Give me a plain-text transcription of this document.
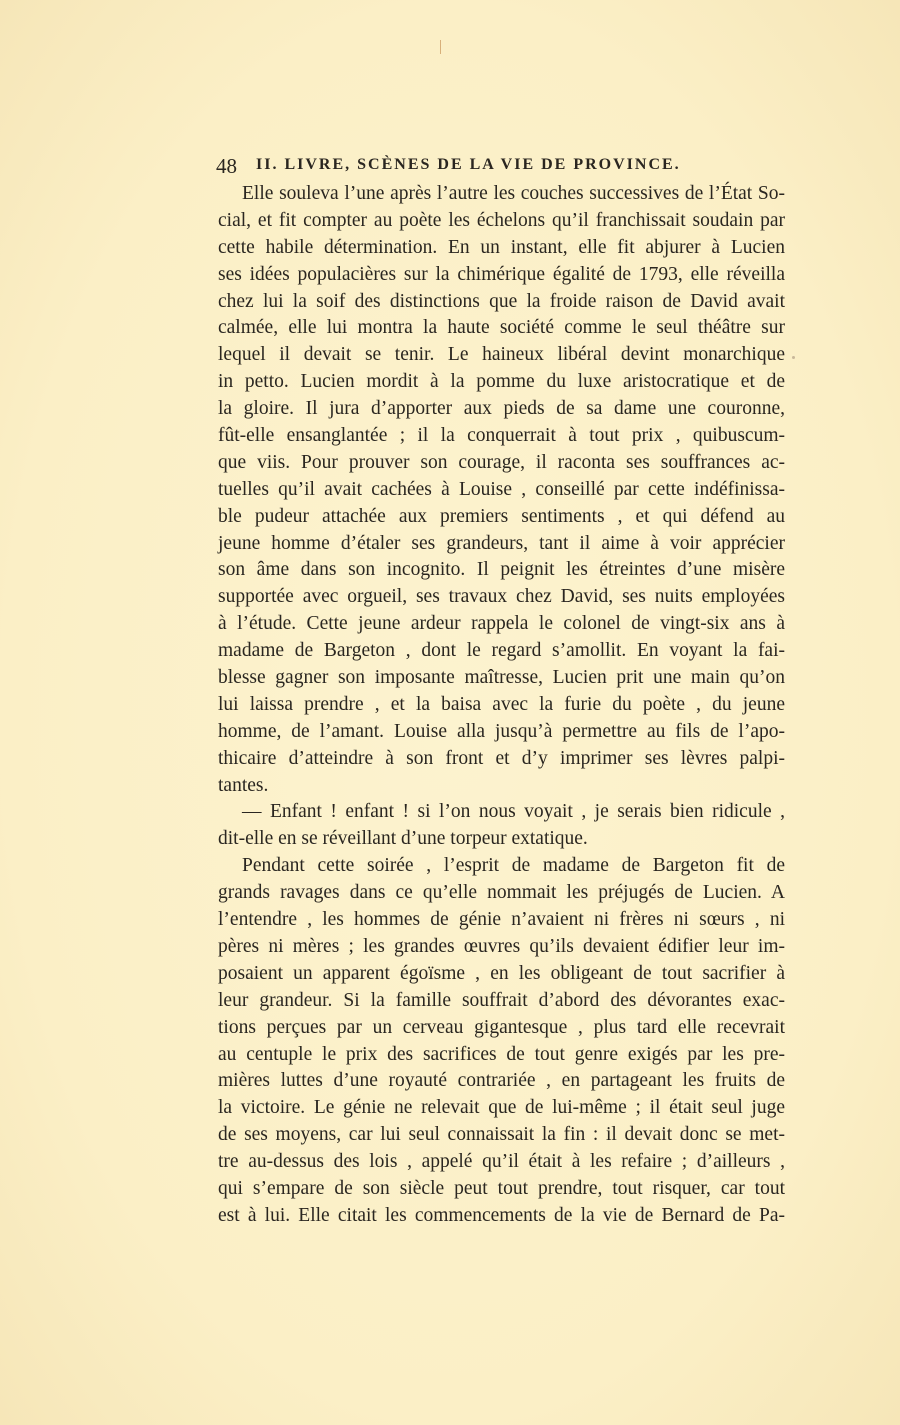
48 II. LIVRE, SCÈNES DE LA VIE DE PROVINCE.
Elle souleva l’une après l’autre les couches successives de l’État So-
cial, et fit compter au poète les échelons qu’il franchissait soudain par
cette habile détermination. En un instant, elle fit abjurer à Lucien
ses idées populacières sur la chimérique égalité de 1793, elle réveilla
chez lui la soif des distinctions que la froide raison de David avait
calmée, elle lui montra la haute société comme le seul théâtre sur
lequel il devait se tenir. Le haineux libéral devint monarchique
in petto. Lucien mordit à la pomme du luxe aristocratique et de
la gloire. Il jura d’apporter aux pieds de sa dame une couronne,
fût-elle ensanglantée ; il la conquerrait à tout prix , quibuscum-
que viis. Pour prouver son courage, il raconta ses souffrances ac-
tuelles qu’il avait cachées à Louise , conseillé par cette indéfinissa-
ble pudeur attachée aux premiers sentiments , et qui défend au
jeune homme d’étaler ses grandeurs, tant il aime à voir apprécier
son âme dans son incognito. Il peignit les étreintes d’une misère
supportée avec orgueil, ses travaux chez David, ses nuits employées
à l’étude. Cette jeune ardeur rappela le colonel de vingt-six ans à
madame de Bargeton , dont le regard s’amollit. En voyant la fai-
blesse gagner son imposante maîtresse, Lucien prit une main qu’on
lui laissa prendre , et la baisa avec la furie du poète , du jeune
homme, de l’amant. Louise alla jusqu’à permettre au fils de l’apo-
thicaire d’atteindre à son front et d’y imprimer ses lèvres palpi-
tantes.
— Enfant ! enfant ! si l’on nous voyait , je serais bien ridicule ,
dit-elle en se réveillant d’une torpeur extatique.
Pendant cette soirée , l’esprit de madame de Bargeton fit de
grands ravages dans ce qu’elle nommait les préjugés de Lucien. A
l’entendre , les hommes de génie n’avaient ni frères ni sœurs , ni
pères ni mères ; les grandes œuvres qu’ils devaient édifier leur im-
posaient un apparent égoïsme , en les obligeant de tout sacrifier à
leur grandeur. Si la famille souffrait d’abord des dévorantes exac-
tions perçues par un cerveau gigantesque , plus tard elle recevrait
au centuple le prix des sacrifices de tout genre exigés par les pre-
mières luttes d’une royauté contrariée , en partageant les fruits de
la victoire. Le génie ne relevait que de lui-même ; il était seul juge
de ses moyens, car lui seul connaissait la fin : il devait donc se met-
tre au-dessus des lois , appelé qu’il était à les refaire ; d’ailleurs ,
qui s’empare de son siècle peut tout prendre, tout risquer, car tout
est à lui. Elle citait les commencements de la vie de Bernard de Pa-
